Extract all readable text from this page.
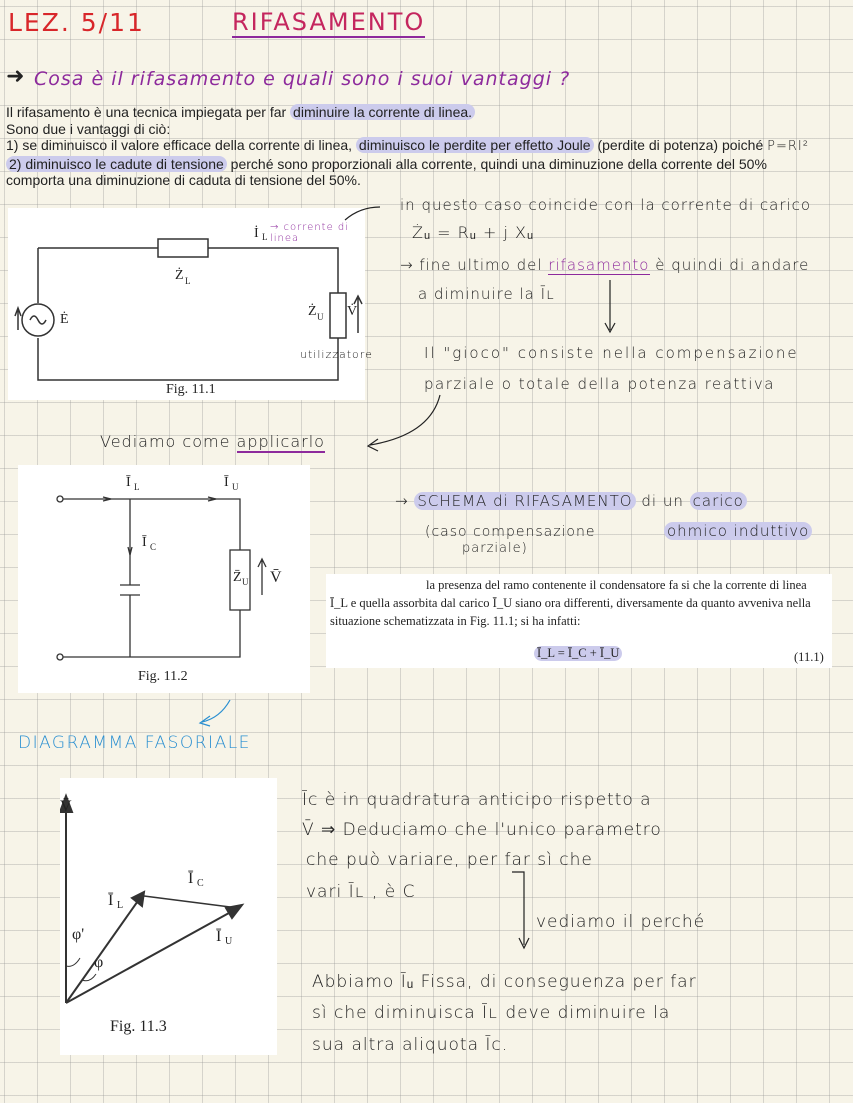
LEZ. 5/11	RIFASAMENTO
➜ Cosa è il rifasamento e quali sono i suoi vantaggi ?
Il rifasamento è una tecnica impiegata per far diminuire la corrente di linea.
Sono due i vantaggi di ciò:
1) se diminuisco il valore efficace della corrente di linea, diminuisco le perdite per effetto Joule (perdite di potenza) poiché P=RI²
2) diminuisco le cadute di tensione perché sono proporzionali alla corrente, quindi una diminuzione della corrente del 50%
comporta una diminuzione di caduta di tensione del 50%.
İ L
→ corrente di linea
Ż L
Ż U
Ė
V̇
utilizzatore
Fig. 11.1
in questo caso coincide con la corrente di carico
Żᵤ = Rᵤ + j Xᵤ
→ fine ultimo del rifasamento è quindi di andare
a diminuire la Īʟ
Il "gioco" consiste nella compensazione
parziale o totale della potenza reattiva
Vediamo come applicarlo
Ī L	Ī U
Ī C
Z̄ U V̄
Fig. 11.2
→ SCHEMA di RIFASAMENTO di un carico
(caso compensazione
parziale)
ohmico induttivo
la presenza del ramo contenente il condensatore fa si che la corrente di linea
Ī_L e quella assorbita dal carico Ī_U siano ora differenti, diversamente da quanto avveniva nella
situazione schematizzata in Fig. 11.1; si ha infatti:
Ī_L = Ī_C + Ī_U	(11.1)
DIAGRAMMA FASORIALE
V̄
Ī L
Ī C
Ī U
φ'
φ
Fig. 11.3
Īc è in quadratura anticipo rispetto a
V̄ ⇒ Deduciamo che l'unico parametro
che può variare, per far sì che
vari Īʟ , è C
vediamo il perché
Abbiamo Īᵤ Fissa, di conseguenza per far
sì che diminuisca Īʟ deve diminuire la
sua altra aliquota Īc.
